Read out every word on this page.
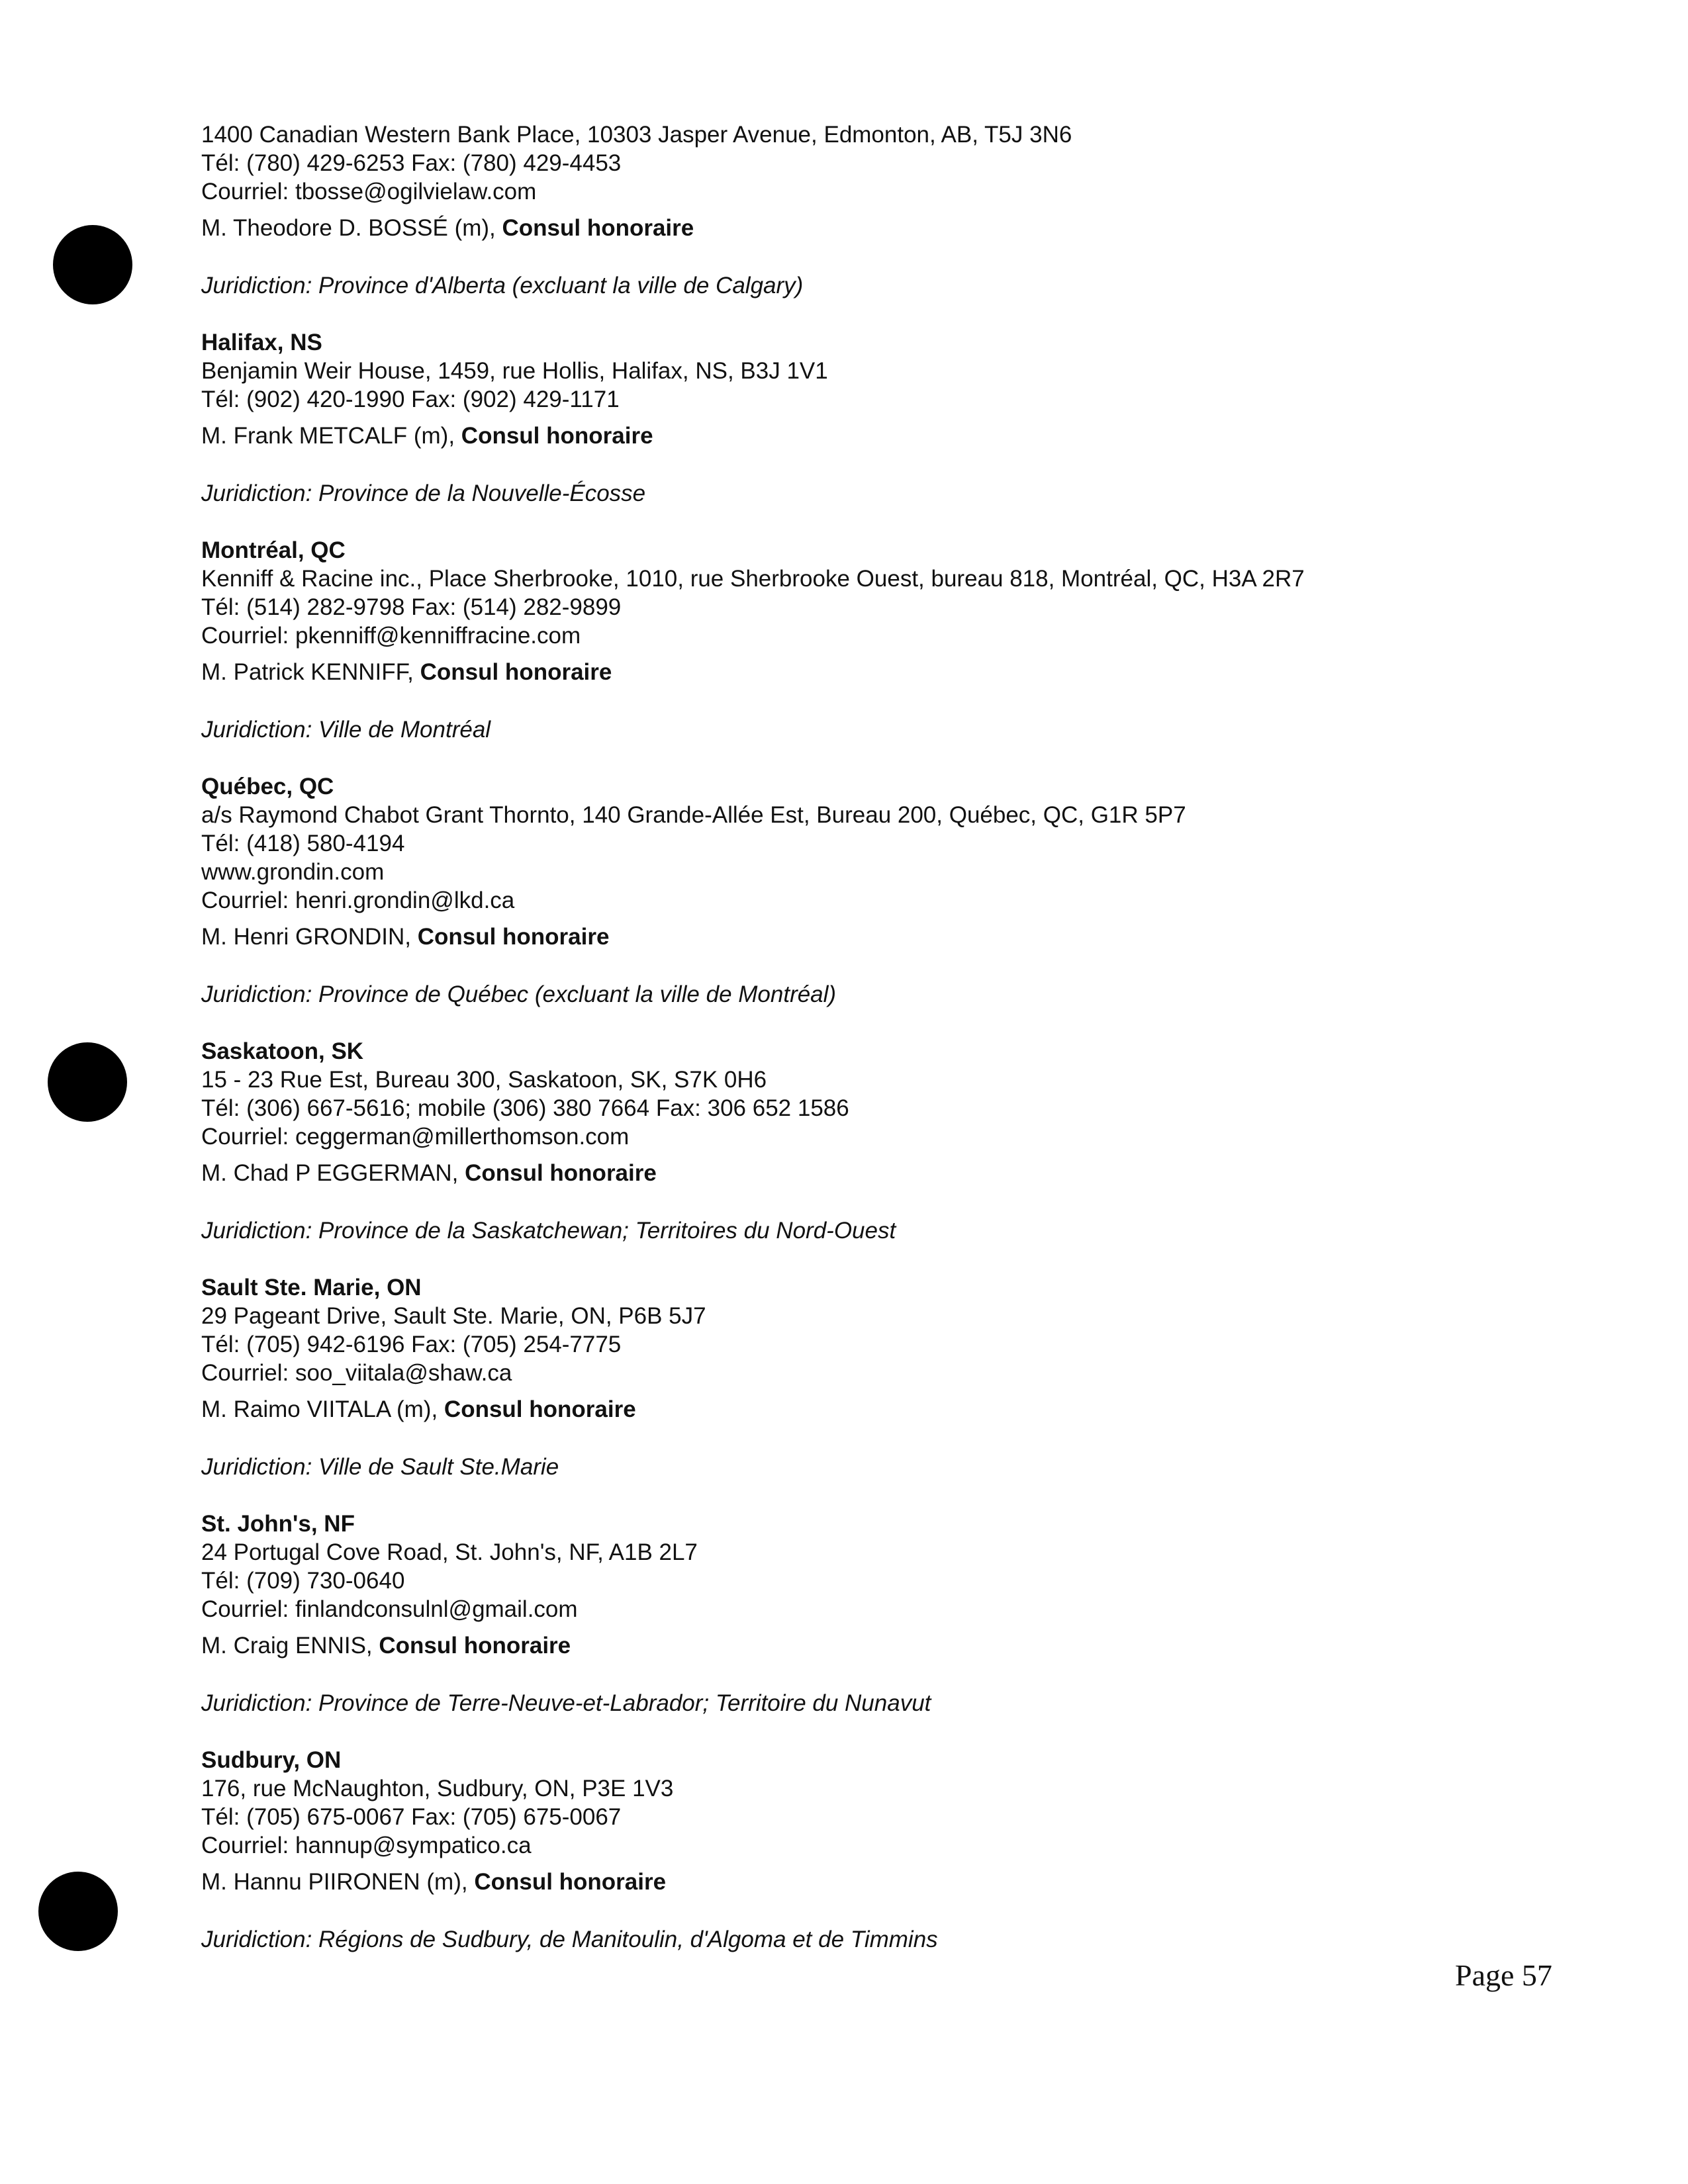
1400 Canadian Western Bank Place, 10303 Jasper Avenue, Edmonton, AB, T5J 3N6
Tél: (780) 429-6253 Fax: (780) 429-4453
Courriel: tbosse@ogilvielaw.com
M. Theodore D. BOSSÉ (m), Consul honoraire
Juridiction: Province d'Alberta (excluant la ville de Calgary)
Halifax, NS
Benjamin Weir House, 1459, rue Hollis, Halifax, NS, B3J 1V1
Tél: (902) 420-1990 Fax: (902) 429-1171
M. Frank METCALF (m), Consul honoraire
Juridiction: Province de la Nouvelle-Écosse
Montréal, QC
Kenniff & Racine inc., Place Sherbrooke, 1010, rue Sherbrooke Ouest, bureau 818, Montréal, QC, H3A 2R7
Tél: (514) 282-9798 Fax: (514) 282-9899
Courriel: pkenniff@kenniffracine.com
M. Patrick KENNIFF, Consul honoraire
Juridiction: Ville de Montréal
Québec, QC
a/s Raymond Chabot Grant Thornto, 140 Grande-Allée Est, Bureau 200, Québec, QC, G1R 5P7
Tél: (418) 580-4194
www.grondin.com
Courriel: henri.grondin@lkd.ca
M. Henri GRONDIN, Consul honoraire
Juridiction: Province de Québec (excluant la ville de Montréal)
Saskatoon, SK
15 - 23 Rue Est, Bureau 300, Saskatoon, SK, S7K 0H6
Tél: (306) 667-5616; mobile (306) 380 7664 Fax: 306 652 1586
Courriel: ceggerman@millerthomson.com
M. Chad P EGGERMAN, Consul honoraire
Juridiction: Province de la Saskatchewan; Territoires du Nord-Ouest
Sault Ste. Marie, ON
29 Pageant Drive, Sault Ste. Marie, ON, P6B 5J7
Tél: (705) 942-6196 Fax: (705) 254-7775
Courriel: soo_viitala@shaw.ca
M. Raimo VIITALA (m), Consul honoraire
Juridiction: Ville de Sault Ste.Marie
St. John's, NF
24 Portugal Cove Road, St. John's, NF, A1B 2L7
Tél: (709) 730-0640
Courriel: finlandconsulnl@gmail.com
M. Craig ENNIS, Consul honoraire
Juridiction: Province de Terre-Neuve-et-Labrador; Territoire du Nunavut
Sudbury, ON
176, rue McNaughton, Sudbury, ON, P3E 1V3
Tél: (705) 675-0067 Fax: (705) 675-0067
Courriel: hannup@sympatico.ca
M. Hannu PIIRONEN (m), Consul honoraire
Juridiction: Régions de Sudbury, de Manitoulin, d'Algoma et de Timmins
Page 57
